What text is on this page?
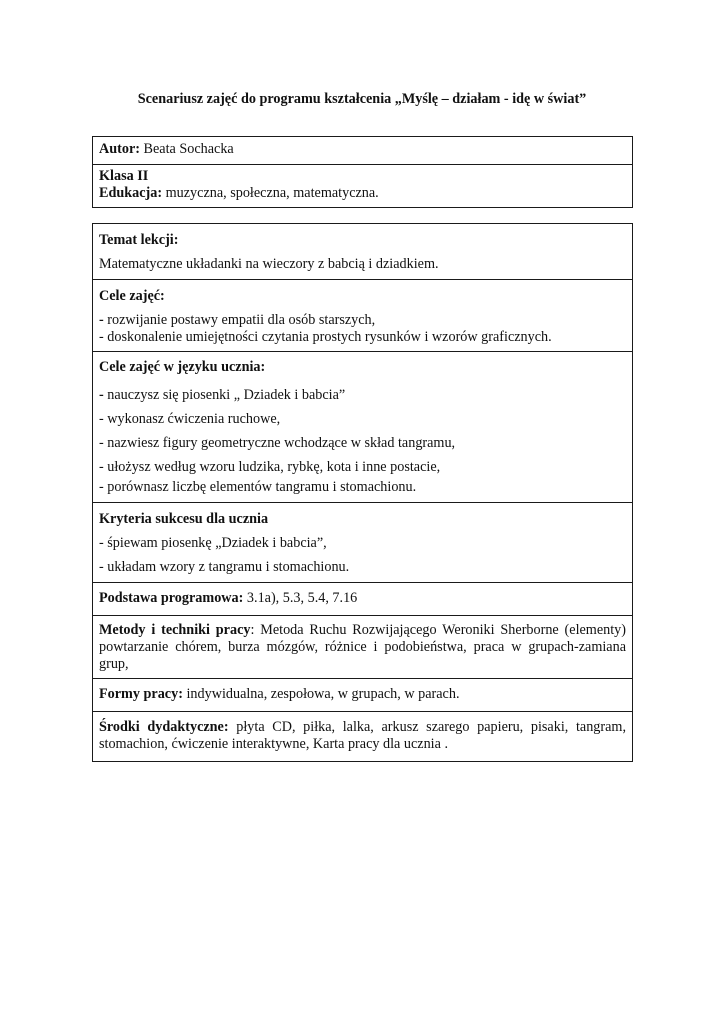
Scenariusz zajęć do programu kształcenia „Myślę – działam - idę w świat”
Autor: Beata Sochacka

Klasa II
Edukacja: muzyczna, społeczna, matematyczna.
Temat lekcji:
Matematyczne układanki na wieczory z babcią i dziadkiem.

Cele zajęć:
- rozwijanie postawy empatii dla osób starszych,
- doskonalenie umiejętności czytania prostych rysunków i wzorów graficznych.

Cele zajęć w języku ucznia:
- nauczysz się piosenki „ Dziadek i babcia”
- wykonasz ćwiczenia ruchowe,
- nazwiesz figury geometryczne wchodzące w skład tangramu,
- ułożysz według wzoru ludzika, rybkę, kota i inne postacie,
- porównasz liczbę elementów tangramu i stomachionu.

Kryteria sukcesu dla ucznia
- śpiewam piosenkę „Dziadek i babcia”,
- układam wzory z tangramu i stomachionu.

Podstawa programowa: 3.1a), 5.3, 5.4, 7.16

Metody i techniki pracy: Metoda Ruchu Rozwijającego Weroniki Sherborne (elementy) powtarzanie chórem, burza mózgów, różnice i podobieństwa, praca w grupach-zamiana grup,

Formy pracy: indywidualna, zespołowa, w grupach, w parach.

Środki dydaktyczne: płyta CD, piłka, lalka, arkusz szarego papieru, pisaki, tangram, stomachion, ćwiczenie interaktywne, Karta pracy dla ucznia .
